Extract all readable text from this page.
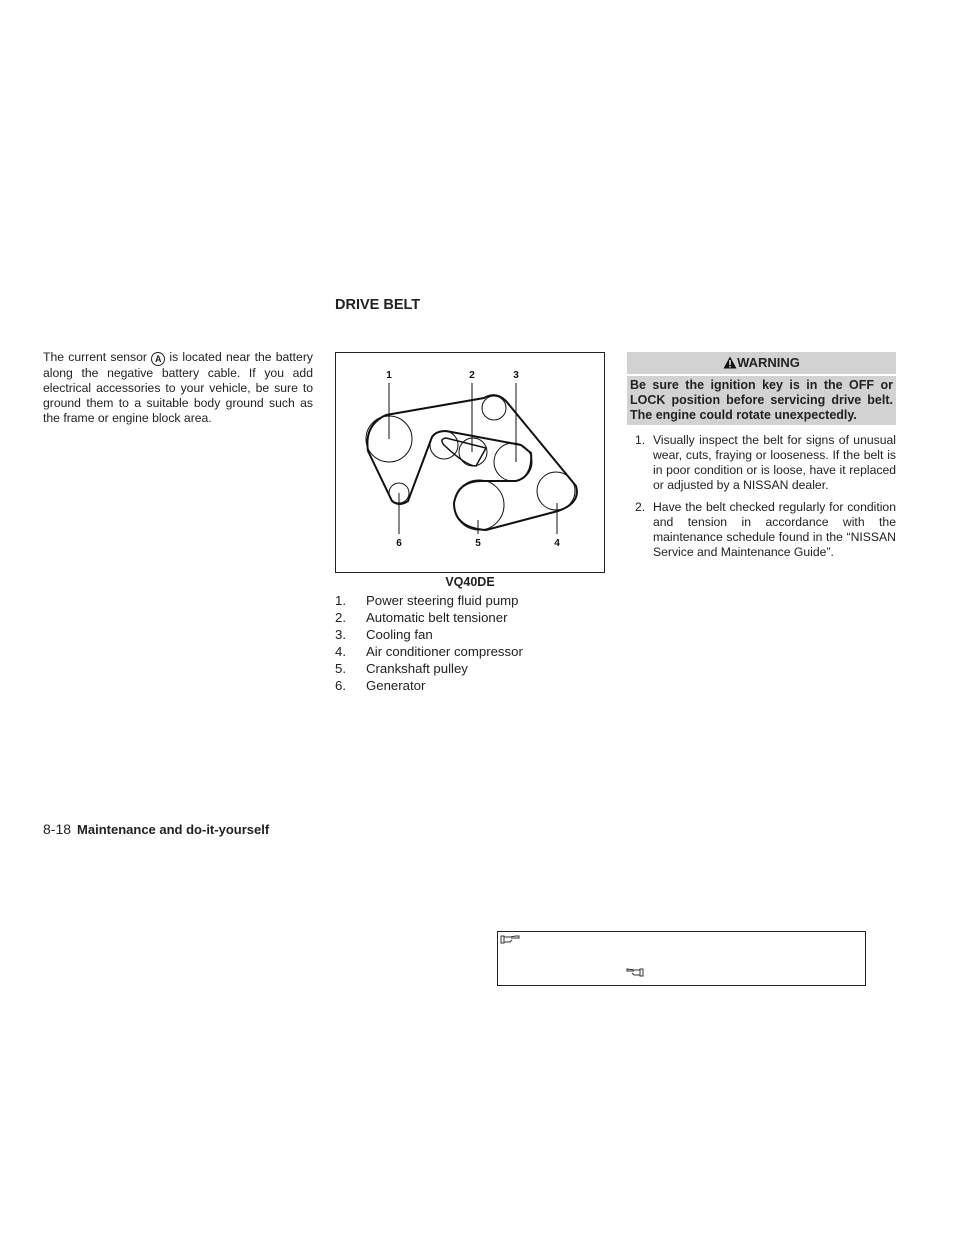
The current sensor A is located near the battery along the negative battery cable. If you add electrical accessories to your vehicle, be sure to ground them to a suitable body ground such as the frame or engine block area.
DRIVE BELT
1	2	3
4
5
6
VQ40DE
1. Power steering fluid pump
2. Automatic belt tensioner
3. Cooling fan
4. Air conditioner compressor
5. Crankshaft pulley
6. Generator
WARNING
Be sure the ignition key is in the OFF or LOCK position before servicing drive belt. The engine could rotate unexpectedly.
1. Visually inspect the belt for signs of unusual wear, cuts, fraying or looseness. If the belt is in poor condition or is loose, have it replaced or adjusted by a NISSAN dealer.
2. Have the belt checked regularly for condition and tension in accordance with the maintenance schedule found in the “NISSAN Service and Maintenance Guide”.
8-18 Maintenance and do-it-yourself
